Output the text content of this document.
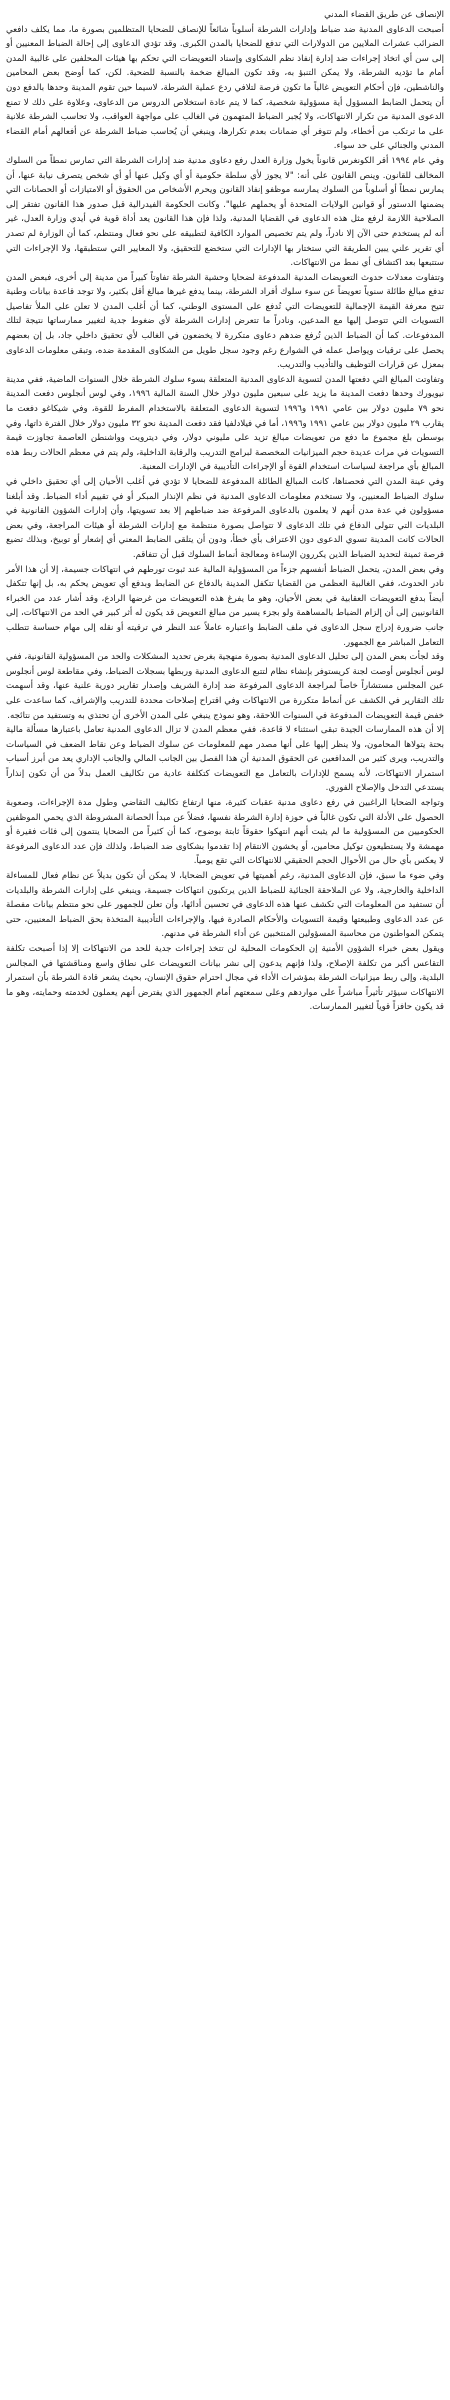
الإنصاف عن طريق القضاء المدني

أصبحت الدعاوى المدنية ضد ضباط وإدارات الشرطة أسلوباً شائعاً للإنصاف للضحايا المتظلمين بصورة ما، مما يكلف دافعي الضرائب عشرات الملايين من الدولارات التي تدفع للضحايا بالمدن الكبرى. وقد تؤدي الدعاوى إلى إحالة الضباط المعنيين أو إلى سن أي اتخاذ إجراءات ضد إدارة إنفاذ نظم الشكاوى وإسناد التعويضات التي تحكم بها هيئات المحلفين على غالبية المدن أمام ما تؤديه الشرطة، ولا يمكن التنبؤ به، وقد تكون المبالغ ضخمة بالنسبة للضحية. لكن، كما أوضح بعض المحامين والناشطين، فإن أحكام التعويض غالباً ما تكون فرصة لتلافي ردع عملية الشرطة، لاسيما حين تقوم المدينة وحدها بالدفع دون أن يتحمل الضابط المسؤول أية مسؤولية شخصية، كما لا يتم عادة استخلاص الدروس من الدعاوى، وعلاوة على ذلك لا تمنع الدعوى المدنية من تكرار الانتهاكات، ولا يُجبر الضباط المتهمون في الغالب على مواجهة العواقب، ولا تحاسب الشرطة علانية على ما ترتكب من أخطاء، ولم تتوفر أي ضمانات بعدم تكرارها، وينبغي أن يُحاسب ضباط الشرطة عن أفعالهم أمام القضاء المدني والجنائي على حد سواء.

وفي عام ١٩٩٤ أقر الكونغرس قانوناً يخول وزارة العدل رفع دعاوى مدنية ضد إدارات الشرطة التي تمارس نمطاً من السلوك المخالف للقانون. وينص القانون على أنه: "لا يجوز لأي سلطة حكومية أو أي وكيل عنها أو أي شخص يتصرف نيابة عنها، أن يمارس نمطاً أو أسلوباً من السلوك يمارسه موظفو إنفاذ القانون ويحرم الأشخاص من الحقوق أو الامتيازات أو الحصانات التي يضمنها الدستور أو قوانين الولايات المتحدة أو يحملهم عليها". وكانت الحكومة الفيدرالية قبل صدور هذا القانون تفتقر إلى الصلاحية اللازمة لرفع مثل هذه الدعاوى في القضايا المدنية، ولذا فإن هذا القانون يعد أداة قوية في أيدي وزارة العدل، غير أنه لم يستخدم حتى الآن إلا نادراً، ولم يتم تخصيص الموارد الكافية لتطبيقه على نحو فعال ومنتظم، كما أن الوزارة لم تصدر أي تقرير علني يبين الطريقة التي ستختار بها الإدارات التي ستخضع للتحقيق، ولا المعايير التي ستطبقها، ولا الإجراءات التي ستتبعها بعد اكتشاف أي نمط من الانتهاكات.

وتتفاوت معدلات حدوث التعويضات المدنية المدفوعة لضحايا وحشية الشرطة تفاوتاً كبيراً من مدينة إلى أخرى، فبعض المدن تدفع مبالغ طائلة سنوياً تعويضاً عن سوء سلوك أفراد الشرطة، بينما يدفع غيرها مبالغ أقل بكثير، ولا توجد قاعدة بيانات وطنية تتيح معرفة القيمة الإجمالية للتعويضات التي تُدفع على المستوى الوطني، كما أن أغلب المدن لا تعلن على الملأ تفاصيل التسويات التي تتوصل إليها مع المدعين، ونادراً ما تتعرض إدارات الشرطة لأي ضغوط جدية لتغيير ممارساتها نتيجة لتلك المدفوعات. كما أن الضباط الذين تُرفع ضدهم دعاوى متكررة لا يخضعون في الغالب لأي تحقيق داخلي جاد، بل إن بعضهم يحصل على ترقيات ويواصل عمله في الشوارع رغم وجود سجل طويل من الشكاوى المقدمة ضده، وتبقى معلومات الدعاوى بمعزل عن قرارات التوظيف والتأديب والتدريب.

وتفاوتت المبالغ التي دفعتها المدن لتسوية الدعاوى المدنية المتعلقة بسوء سلوك الشرطة خلال السنوات الماضية، ففي مدينة نيويورك وحدها دفعت المدينة ما يزيد على سبعين مليون دولار خلال السنة المالية ١٩٩٦، وفي لوس أنجلوس دفعت المدينة نحو ٧٩ مليون دولار بين عامي ١٩٩١ و١٩٩٦ لتسوية الدعاوى المتعلقة بالاستخدام المفرط للقوة، وفي شيكاغو دفعت ما يقارب ٢٩ مليون دولار بين عامي ١٩٩١ و١٩٩٦، أما في فيلادلفيا فقد دفعت المدينة نحو ٣٢ مليون دولار خلال الفترة ذاتها، وفي بوسطن بلغ مجموع ما دفع من تعويضات مبالغ تزيد على مليوني دولار، وفي ديترويت وواشنطن العاصمة تجاوزت قيمة التسويات في مرات عديدة حجم الميزانيات المخصصة لبرامج التدريب والرقابة الداخلية، ولم يتم في معظم الحالات ربط هذه المبالغ بأي مراجعة لسياسات استخدام القوة أو الإجراءات التأديبية في الإدارات المعنية.

وفي عينة المدن التي فحصناها، كانت المبالغ الطائلة المدفوعة للضحايا لا تؤدي في أغلب الأحيان إلى أي تحقيق داخلي في سلوك الضباط المعنيين، ولا تستخدم معلومات الدعاوى المدنية في نظم الإنذار المبكر أو في تقييم أداء الضباط. وقد أبلغنا مسؤولون في عدة مدن أنهم لا يعلمون بالدعاوى المرفوعة ضد ضباطهم إلا بعد تسويتها، وأن إدارات الشؤون القانونية في البلديات التي تتولى الدفاع في تلك الدعاوى لا تتواصل بصورة منتظمة مع إدارات الشرطة أو هيئات المراجعة، وفي بعض الحالات كانت المدينة تسوي الدعوى دون الاعتراف بأي خطأ، ودون أن يتلقى الضابط المعني أي إشعار أو توبيخ، وبذلك تضيع فرصة ثمينة لتحديد الضباط الذين يكررون الإساءة ومعالجة أنماط السلوك قبل أن تتفاقم.

وفي بعض المدن، يتحمل الضباط أنفسهم جزءاً من المسؤولية المالية عند ثبوت تورطهم في انتهاكات جسيمة، إلا أن هذا الأمر نادر الحدوث، ففي الغالبية العظمى من القضايا تتكفل المدينة بالدفاع عن الضابط وبدفع أي تعويض يحكم به، بل إنها تتكفل أيضاً بدفع التعويضات العقابية في بعض الأحيان، وهو ما يفرغ هذه التعويضات من غرضها الرادع، وقد أشار عدد من الخبراء القانونيين إلى أن إلزام الضباط بالمساهمة ولو بجزء يسير من مبالغ التعويض قد يكون له أثر كبير في الحد من الانتهاكات، إلى جانب ضرورة إدراج سجل الدعاوى في ملف الضابط واعتباره عاملاً عند النظر في ترقيته أو نقله إلى مهام حساسة تتطلب التعامل المباشر مع الجمهور.

وقد لجأت بعض المدن إلى تحليل الدعاوى المدنية بصورة منهجية بغرض تحديد المشكلات والحد من المسؤولية القانونية، ففي لوس أنجلوس أوصت لجنة كريستوفر بإنشاء نظام لتتبع الدعاوى المدنية وربطها بسجلات الضباط، وفي مقاطعة لوس أنجلوس عين المجلس مستشاراً خاصاً لمراجعة الدعاوى المرفوعة ضد إدارة الشريف وإصدار تقارير دورية علنية عنها، وقد أسهمت تلك التقارير في الكشف عن أنماط متكررة من الانتهاكات وفي اقتراح إصلاحات محددة للتدريب والإشراف، كما ساعدت على خفض قيمة التعويضات المدفوعة في السنوات اللاحقة، وهو نموذج ينبغي على المدن الأخرى أن تحتذي به وتستفيد من نتائجه.

إلا أن هذه الممارسات الجيدة تبقى استثناء لا قاعدة، ففي معظم المدن لا تزال الدعاوى المدنية تعامل باعتبارها مسألة مالية بحتة يتولاها المحامون، ولا ينظر إليها على أنها مصدر مهم للمعلومات عن سلوك الضباط وعن نقاط الضعف في السياسات والتدريب، ويرى كثير من المدافعين عن الحقوق المدنية أن هذا الفصل بين الجانب المالي والجانب الإداري يعد من أبرز أسباب استمرار الانتهاكات، لأنه يسمح للإدارات بالتعامل مع التعويضات كتكلفة عادية من تكاليف العمل بدلاً من أن تكون إنذاراً يستدعي التدخل والإصلاح الفوري.

وتواجه الضحايا الراغبين في رفع دعاوى مدنية عقبات كثيرة، منها ارتفاع تكاليف التقاضي وطول مدة الإجراءات، وصعوبة الحصول على الأدلة التي تكون غالباً في حوزة إدارة الشرطة نفسها، فضلاً عن مبدأ الحصانة المشروطة الذي يحمي الموظفين الحكوميين من المسؤولية ما لم يثبت أنهم انتهكوا حقوقاً ثابتة بوضوح، كما أن كثيراً من الضحايا ينتمون إلى فئات فقيرة أو مهمشة ولا يستطيعون توكيل محامين، أو يخشون الانتقام إذا تقدموا بشكاوى ضد الضباط، ولذلك فإن عدد الدعاوى المرفوعة لا يعكس بأي حال من الأحوال الحجم الحقيقي للانتهاكات التي تقع يومياً.

وفي ضوء ما سبق، فإن الدعاوى المدنية، رغم أهميتها في تعويض الضحايا، لا يمكن أن تكون بديلاً عن نظام فعال للمساءلة الداخلية والخارجية، ولا عن الملاحقة الجنائية للضباط الذين يرتكبون انتهاكات جسيمة، وينبغي على إدارات الشرطة والبلديات أن تستفيد من المعلومات التي تكشف عنها هذه الدعاوى في تحسين أدائها، وأن تعلن للجمهور على نحو منتظم بيانات مفصلة عن عدد الدعاوى وطبيعتها وقيمة التسويات والأحكام الصادرة فيها، والإجراءات التأديبية المتخذة بحق الضباط المعنيين، حتى يتمكن المواطنون من محاسبة المسؤولين المنتخبين عن أداء الشرطة في مدنهم.

ويقول بعض خبراء الشؤون الأمنية إن الحكومات المحلية لن تتخذ إجراءات جدية للحد من الانتهاكات إلا إذا أصبحت تكلفة التقاعس أكبر من تكلفة الإصلاح، ولذا فإنهم يدعون إلى نشر بيانات التعويضات على نطاق واسع ومناقشتها في المجالس البلدية، وإلى ربط ميزانيات الشرطة بمؤشرات الأداء في مجال احترام حقوق الإنسان، بحيث يشعر قادة الشرطة بأن استمرار الانتهاكات سيؤثر تأثيراً مباشراً على مواردهم وعلى سمعتهم أمام الجمهور الذي يفترض أنهم يعملون لخدمته وحمايته، وهو ما قد يكون حافزاً قوياً لتغيير الممارسات.
